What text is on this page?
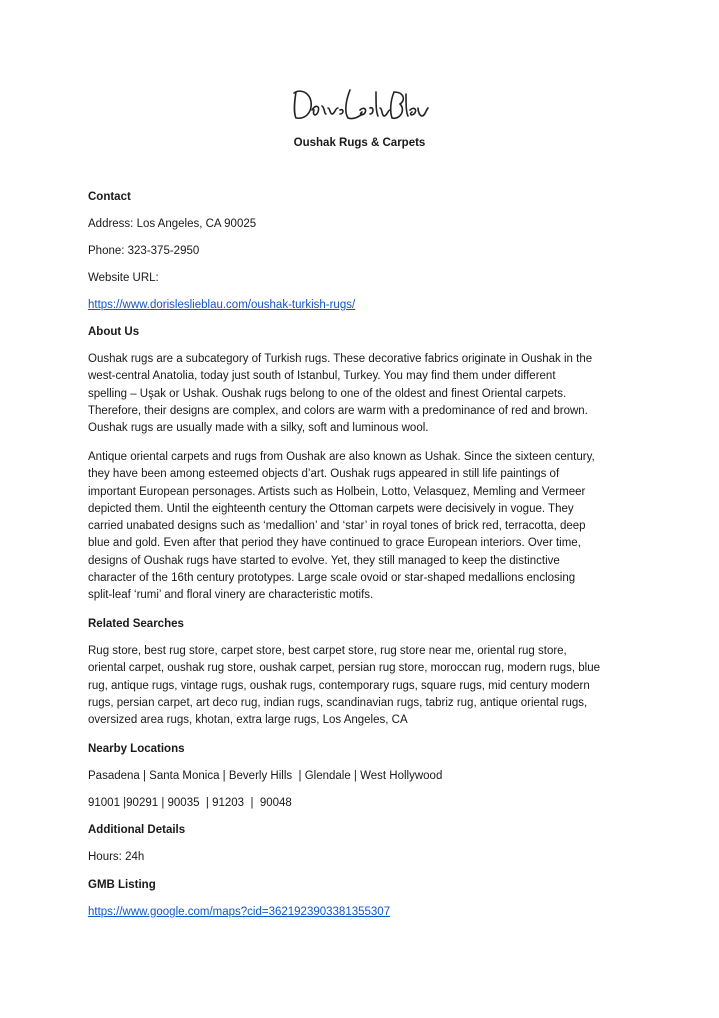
Oushak Rugs & Carpets
Contact
Address: Los Angeles, CA 90025
Phone: 323-375-2950
Website URL:
https://www.dorisleslieblau.com/oushak-turkish-rugs/
About Us
Oushak rugs are a subcategory of Turkish rugs. These decorative fabrics originate in Oushak in the
west-central Anatolia, today just south of Istanbul, Turkey. You may find them under different
spelling – Uşak or Ushak. Oushak rugs belong to one of the oldest and finest Oriental carpets.
Therefore, their designs are complex, and colors are warm with a predominance of red and brown.
Oushak rugs are usually made with a silky, soft and luminous wool.
Antique oriental carpets and rugs from Oushak are also known as Ushak. Since the sixteen century,
they have been among esteemed objects d’art. Oushak rugs appeared in still life paintings of
important European personages. Artists such as Holbein, Lotto, Velasquez, Memling and Vermeer
depicted them. Until the eighteenth century the Ottoman carpets were decisively in vogue. They
carried unabated designs such as ‘medallion’ and ‘star’ in royal tones of brick red, terracotta, deep
blue and gold. Even after that period they have continued to grace European interiors. Over time,
designs of Oushak rugs have started to evolve. Yet, they still managed to keep the distinctive
character of the 16th century prototypes. Large scale ovoid or star-shaped medallions enclosing
split-leaf ‘rumi’ and floral vinery are characteristic motifs.
Related Searches
Rug store, best rug store, carpet store, best carpet store, rug store near me, oriental rug store,
oriental carpet, oushak rug store, oushak carpet, persian rug store, moroccan rug, modern rugs, blue
rug, antique rugs, vintage rugs, oushak rugs, contemporary rugs, square rugs, mid century modern
rugs, persian carpet, art deco rug, indian rugs, scandinavian rugs, tabriz rug, antique oriental rugs,
oversized area rugs, khotan, extra large rugs, Los Angeles, CA
Nearby Locations
Pasadena | Santa Monica | Beverly Hills  | Glendale | West Hollywood
91001 |90291 | 90035  | 91203  |  90048
Additional Details
Hours: 24h
GMB Listing
https://www.google.com/maps?cid=3621923903381355307
